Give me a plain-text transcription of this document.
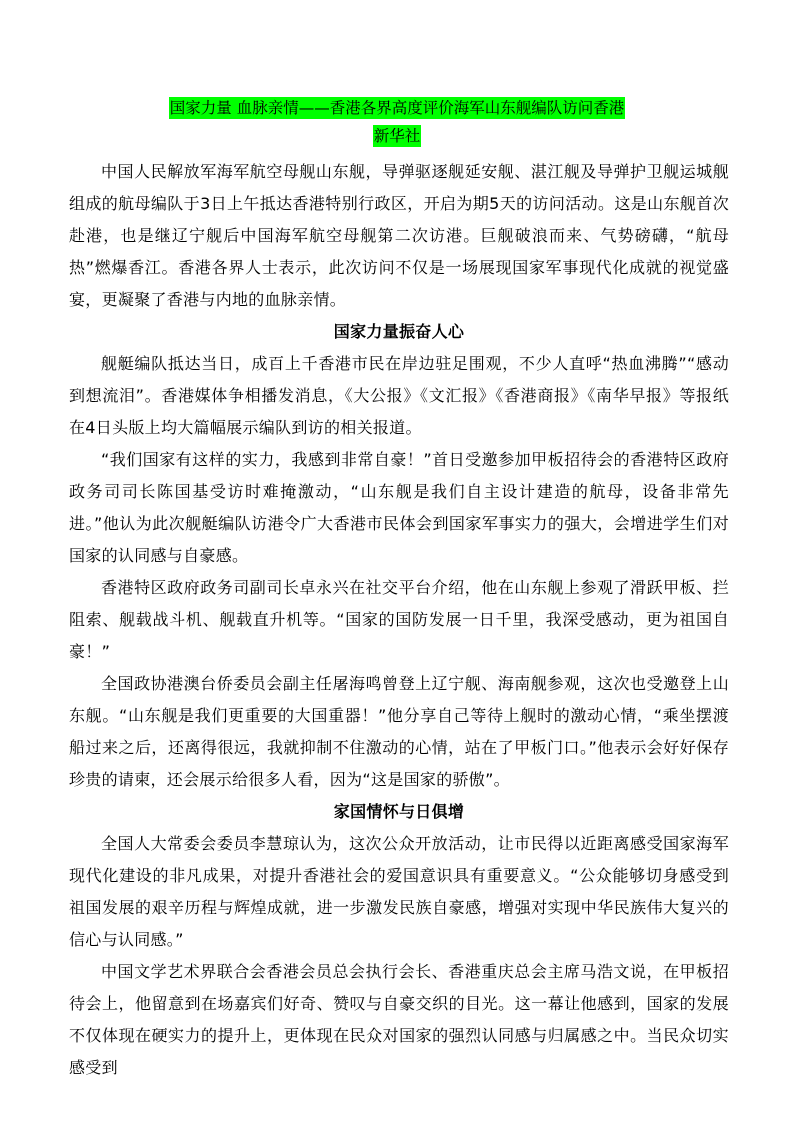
国家力量 血脉亲情——香港各界高度评价海军山东舰编队访问香港
新华社

中国人民解放军海军航空母舰山东舰，导弹驱逐舰延安舰、湛江舰及导弹护卫舰运城舰组成的航母编队于3日上午抵达香港特别行政区，开启为期5天的访问活动。这是山东舰首次赴港，也是继辽宁舰后中国海军航空母舰第二次访港。巨舰破浪而来、气势磅礴，“航母热”燃爆香江。香港各界人士表示，此次访问不仅是一场展现国家军事现代化成就的视觉盛宴，更凝聚了香港与内地的血脉亲情。

国家力量振奋人心

舰艇编队抵达当日，成百上千香港市民在岸边驻足围观，不少人直呼“热血沸腾”“感动到想流泪”。香港媒体争相播发消息，《大公报》《文汇报》《香港商报》《南华早报》等报纸在4日头版上均大篇幅展示编队到访的相关报道。

“我们国家有这样的实力，我感到非常自豪！”首日受邀参加甲板招待会的香港特区政府政务司司长陈国基受访时难掩激动，“山东舰是我们自主设计建造的航母，设备非常先进。”他认为此次舰艇编队访港令广大香港市民体会到国家军事实力的强大，会增进学生们对国家的认同感与自豪感。

香港特区政府政务司副司长卓永兴在社交平台介绍，他在山东舰上参观了滑跃甲板、拦阻索、舰载战斗机、舰载直升机等。“国家的国防发展一日千里，我深受感动，更为祖国自豪！”

全国政协港澳台侨委员会副主任屠海鸣曾登上辽宁舰、海南舰参观，这次也受邀登上山东舰。“山东舰是我们更重要的大国重器！”他分享自己等待上舰时的激动心情，“乘坐摆渡船过来之后，还离得很远，我就抑制不住激动的心情，站在了甲板门口。”他表示会好好保存珍贵的请柬，还会展示给很多人看，因为“这是国家的骄傲”。

家国情怀与日俱增

全国人大常委会委员李慧琼认为，这次公众开放活动，让市民得以近距离感受国家海军现代化建设的非凡成果，对提升香港社会的爱国意识具有重要意义。“公众能够切身感受到祖国发展的艰辛历程与辉煌成就，进一步激发民族自豪感，增强对实现中华民族伟大复兴的信心与认同感。”

中国文学艺术界联合会香港会员总会执行会长、香港重庆总会主席马浩文说，在甲板招待会上，他留意到在场嘉宾们好奇、赞叹与自豪交织的目光。这一幕让他感到，国家的发展不仅体现在硬实力的提升上，更体现在民众对国家的强烈认同感与归属感之中。当民众切实感受到
